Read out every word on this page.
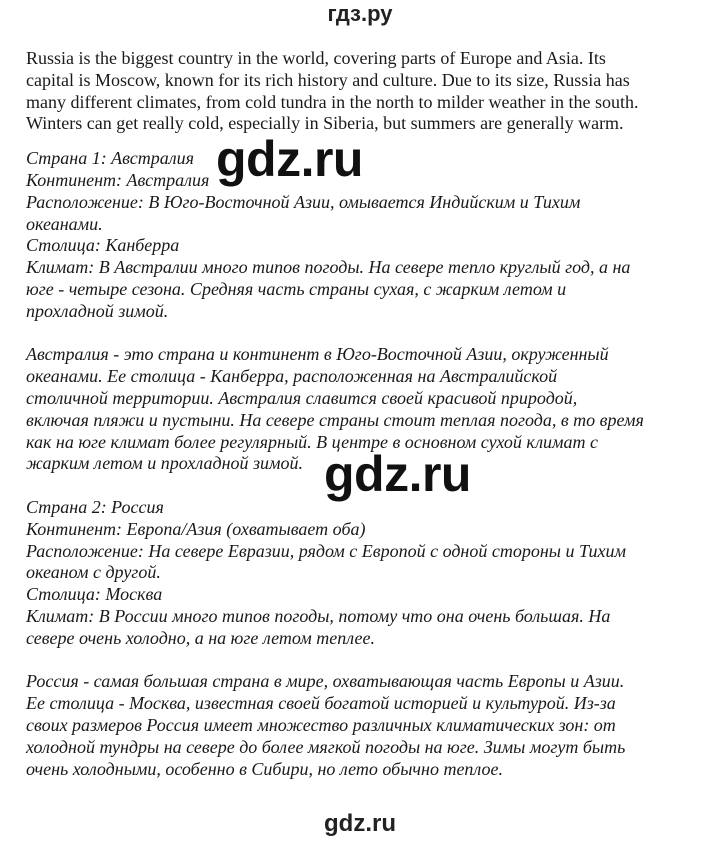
гдз.ру
Russia is the biggest country in the world, covering parts of Europe and Asia. Its
capital is Moscow, known for its rich history and culture. Due to its size, Russia has
many different climates, from cold tundra in the north to milder weather in the south.
Winters can get really cold, especially in Siberia, but summers are generally warm.

Страна 1: Австралия

Континент: Австралия

Расположение: В Юго-Восточной Азии, омывается Индийским и Тихим

океанами.

Столица: Канберра

Климат: В Австралии много типов погоды. На севере тепло круглый год, а на

юге - четыре сезона. Средняя часть страны сухая, с жарким летом и

прохладной зимой.

Австралия - это страна и континент в Юго-Восточной Азии, окруженный

океанами. Ее столица - Канберра, расположенная на Австралийской

столичной территории. Австралия славится своей красивой природой,

включая пляжи и пустыни. На севере страны стоит теплая погода, в то время

как на юге климат более регулярный. В центре в основном сухой климат с

жарким летом и прохладной зимой.

Страна 2: Россия

Континент: Европа/Азия (охватывает оба)

Расположение: На севере Евразии, рядом с Европой с одной стороны и Тихим

океаном с другой.

Столица: Москва

Климат: В России много типов погоды, потому что она очень большая. На

севере очень холодно, а на юге летом теплее.

Россия - самая большая страна в мире, охватывающая часть Европы и Азии.

Ее столица - Москва, известная своей богатой историей и культурой. Из-за

своих размеров Россия имеет множество различных климатических зон: от

холодной тундры на севере до более мягкой погоды на юге. Зимы могут быть

очень холодными, особенно в Сибири, но лето обычно теплое.

gdz.ru
gdz.ru
gdz.ru
